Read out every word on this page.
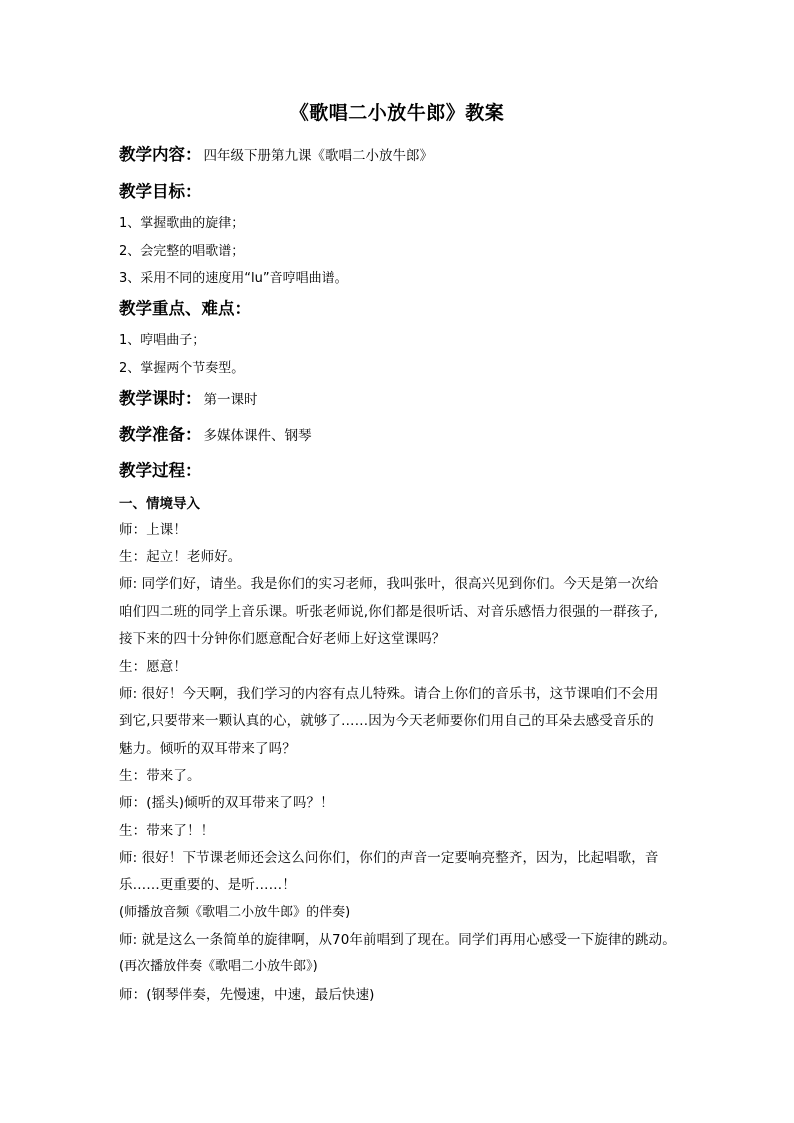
《歌唱二小放牛郎》教案
教学内容： 四年级下册第九课《歌唱二小放牛郎》
教学目标：
1、掌握歌曲的旋律；
2、会完整的唱歌谱；
3、采用不同的速度用“lu”音哼唱曲谱。
教学重点、难点：
1、哼唱曲子；
2、掌握两个节奏型。
教学课时： 第一课时
教学准备： 多媒体课件、钢琴
教学过程：
一、情境导入
师：上课！
生：起立！老师好。
师: 同学们好，请坐。我是你们的实习老师，我叫张叶，很高兴见到你们。今天是第一次给
咱们四二班的同学上音乐课。听张老师说,你们都是很听话、对音乐感悟力很强的一群孩子,
接下来的四十分钟你们愿意配合好老师上好这堂课吗？
生：愿意！
师: 很好！今天啊，我们学习的内容有点儿特殊。请合上你们的音乐书，这节课咱们不会用
到它,只要带来一颗认真的心，就够了……因为今天老师要你们用自己的耳朵去感受音乐的
魅力。倾听的双耳带来了吗？
生：带来了。
师：(摇头)倾听的双耳带来了吗？！
生：带来了！！
师: 很好！下节课老师还会这么问你们，你们的声音一定要响亮整齐，因为，比起唱歌，音
乐……更重要的、是听……！
(师播放音频《歌唱二小放牛郎》的伴奏)
师: 就是这么一条简单的旋律啊，从70年前唱到了现在。同学们再用心感受一下旋律的跳动。
(再次播放伴奏《歌唱二小放牛郎》)
师：(钢琴伴奏，先慢速，中速，最后快速)
